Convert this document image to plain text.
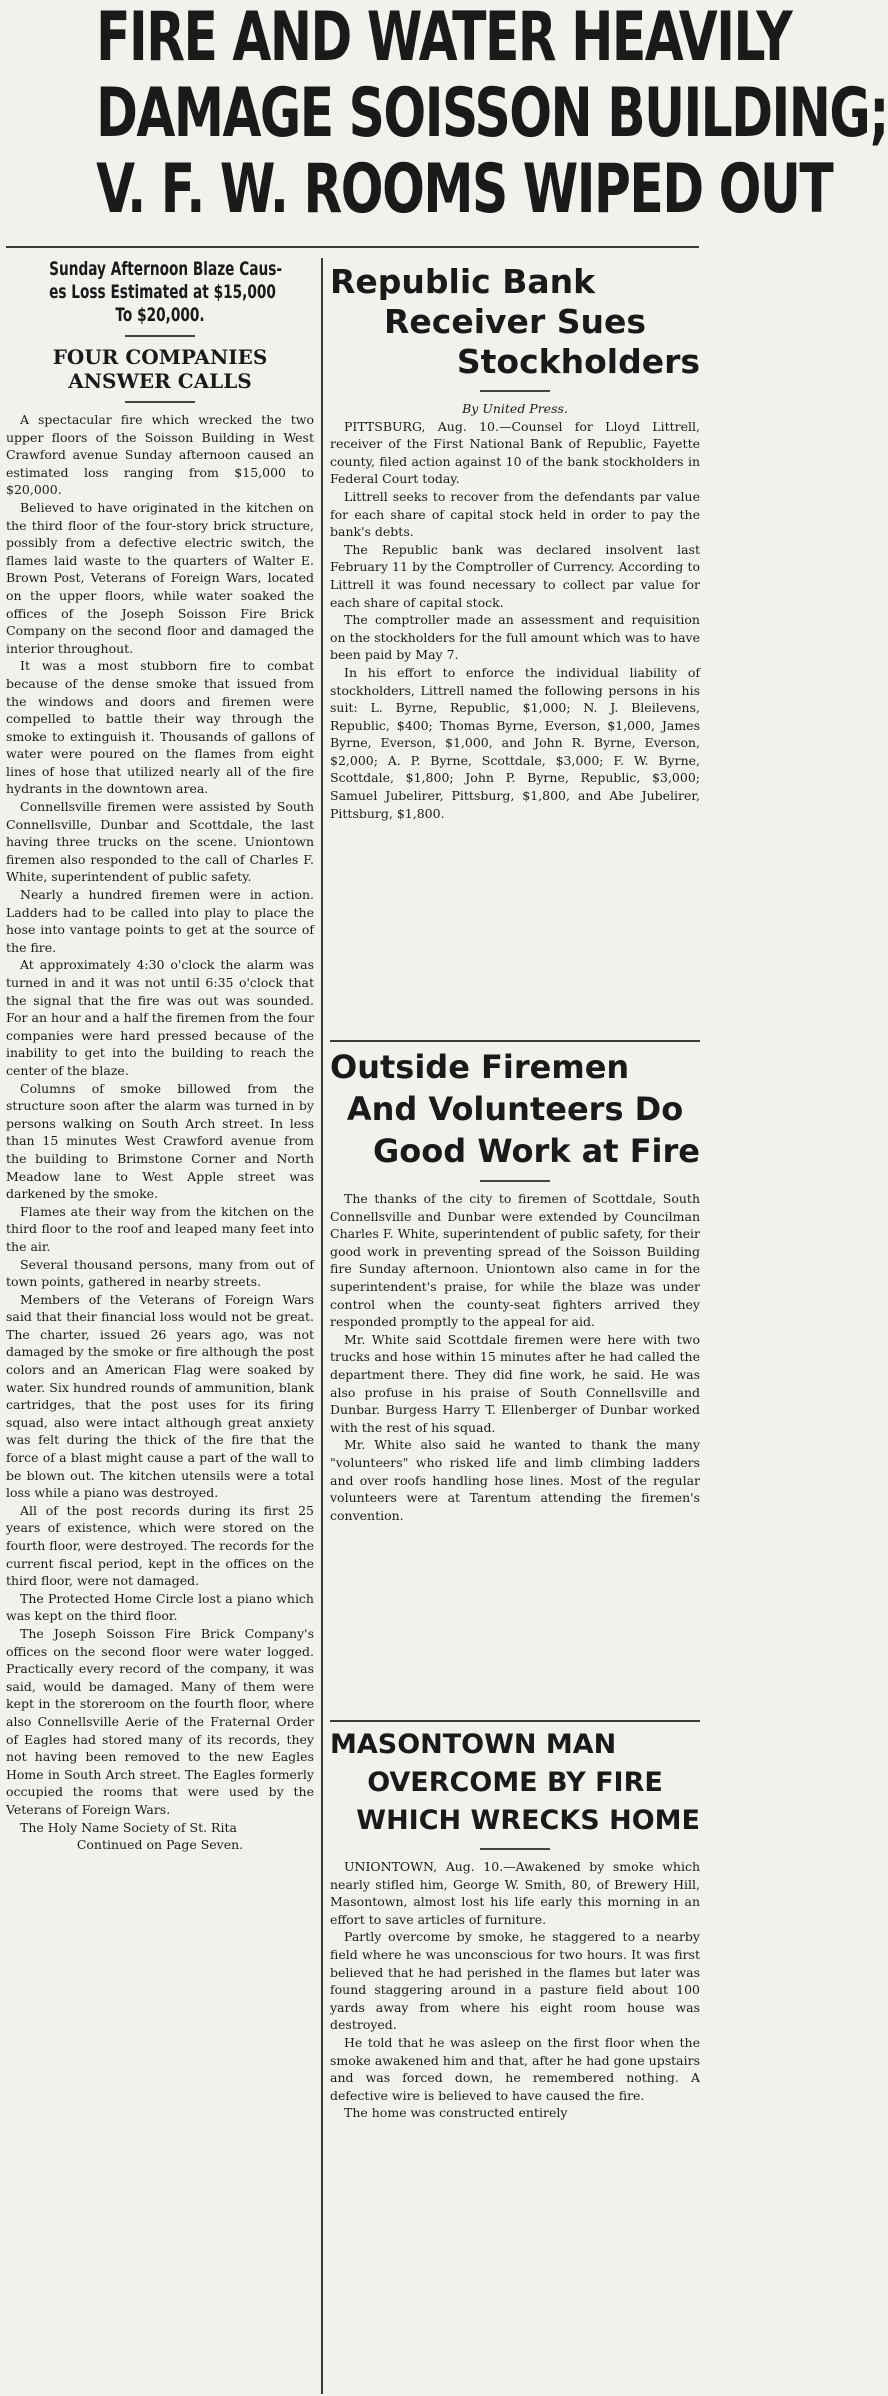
FIRE AND WATER HEAVILY
DAMAGE SOISSON BUILDING;
V. F. W. ROOMS WIPED OUT

Sunday Afternoon Blaze Caus-

es Loss Estimated at $15,000

To $20,000.

FOUR COMPANIES
ANSWER CALLS

A spectacular fire which wrecked the two upper floors of the Soisson Building in West Crawford avenue Sunday afternoon caused an estimated loss ranging from $15,000 to $20,000.

Believed to have originated in the kitchen on the third floor of the four-story brick structure, possibly from a defective electric switch, the flames laid waste to the quarters of Walter E. Brown Post, Veterans of Foreign Wars, located on the upper floors, while water soaked the offices of the Joseph Soisson Fire Brick Company on the second floor and damaged the interior throughout.

It was a most stubborn fire to combat because of the dense smoke that issued from the windows and doors and firemen were compelled to battle their way through the smoke to extinguish it. Thousands of gallons of water were poured on the flames from eight lines of hose that utilized nearly all of the fire hydrants in the downtown area.

Connellsville firemen were assisted by South Connellsville, Dunbar and Scottdale, the last having three trucks on the scene. Uniontown firemen also responded to the call of Charles F. White, superintendent of public safety.

Nearly a hundred firemen were in action. Ladders had to be called into play to place the hose into vantage points to get at the source of the fire.

At approximately 4:30 o'clock the alarm was turned in and it was not until 6:35 o'clock that the signal that the fire was out was sounded. For an hour and a half the firemen from the four companies were hard pressed because of the inability to get into the building to reach the center of the blaze.

Columns of smoke billowed from the structure soon after the alarm was turned in by persons walking on South Arch street. In less than 15 minutes West Crawford avenue from the building to Brimstone Corner and North Meadow lane to West Apple street was darkened by the smoke.

Flames ate their way from the kitchen on the third floor to the roof and leaped many feet into the air.

Several thousand persons, many from out of town points, gathered in nearby streets.

Members of the Veterans of Foreign Wars said that their financial loss would not be great. The charter, issued 26 years ago, was not damaged by the smoke or fire although the post colors and an American Flag were soaked by water. Six hundred rounds of ammunition, blank cartridges, that the post uses for its firing squad, also were intact although great anxiety was felt during the thick of the fire that the force of a blast might cause a part of the wall to be blown out. The kitchen utensils were a total loss while a piano was destroyed.

All of the post records during its first 25 years of existence, which were stored on the fourth floor, were destroyed. The records for the current fiscal period, kept in the offices on the third floor, were not damaged.

The Protected Home Circle lost a piano which was kept on the third floor.

The Joseph Soisson Fire Brick Company's offices on the second floor were water logged. Practically every record of the company, it was said, would be damaged. Many of them were kept in the storeroom on the fourth floor, where also Connellsville Aerie of the Fraternal Order of Eagles had stored many of its records, they not having been removed to the new Eagles Home in South Arch street. The Eagles formerly occupied the rooms that were used by the Veterans of Foreign Wars.

The Holy Name Society of St. Rita

Continued on Page Seven.

Republic Bank
Receiver Sues
Stockholders

By United Press.

PITTSBURG, Aug. 10.—Counsel for Lloyd Littrell, receiver of the First National Bank of Republic, Fayette county, filed action against 10 of the bank stockholders in Federal Court today.

Littrell seeks to recover from the defendants par value for each share of capital stock held in order to pay the bank's debts.

The Republic bank was declared insolvent last February 11 by the Comptroller of Currency. According to Littrell it was found necessary to collect par value for each share of capital stock.

The comptroller made an assessment and requisition on the stockholders for the full amount which was to have been paid by May 7.

In his effort to enforce the individual liability of stockholders, Littrell named the following persons in his suit: L. Byrne, Republic, $1,000; N. J. Bleilevens, Republic, $400; Thomas Byrne, Everson, $1,000, James Byrne, Everson, $1,000, and John R. Byrne, Everson, $2,000; A. P. Byrne, Scottdale, $3,000; F. W. Byrne, Scottdale, $1,800; John P. Byrne, Republic, $3,000; Samuel Jubelirer, Pittsburg, $1,800, and Abe Jubelirer, Pittsburg, $1,800.

Outside Firemen
And Volunteers Do
Good Work at Fire

The thanks of the city to firemen of Scottdale, South Connellsville and Dunbar were extended by Councilman Charles F. White, superintendent of public safety, for their good work in preventing spread of the Soisson Building fire Sunday afternoon. Uniontown also came in for the superintendent's praise, for while the blaze was under control when the county-seat fighters arrived they responded promptly to the appeal for aid.

Mr. White said Scottdale firemen were here with two trucks and hose within 15 minutes after he had called the department there. They did fine work, he said. He was also profuse in his praise of South Connellsville and Dunbar. Burgess Harry T. Ellenberger of Dunbar worked with the rest of his squad.

Mr. White also said he wanted to thank the many "volunteers" who risked life and limb climbing ladders and over roofs handling hose lines. Most of the regular volunteers were at Tarentum attending the firemen's convention.

MASONTOWN MAN
OVERCOME BY FIRE
WHICH WRECKS HOME

UNIONTOWN, Aug. 10.—Awakened by smoke which nearly stifled him, George W. Smith, 80, of Brewery Hill, Masontown, almost lost his life early this morning in an effort to save articles of furniture.

Partly overcome by smoke, he staggered to a nearby field where he was unconscious for two hours. It was first believed that he had perished in the flames but later was found staggering around in a pasture field about 100 yards away from where his eight room house was destroyed.

He told that he was asleep on the first floor when the smoke awakened him and that, after he had gone upstairs and was forced down, he remembered nothing. A defective wire is believed to have caused the fire.

The home was constructed entirely
